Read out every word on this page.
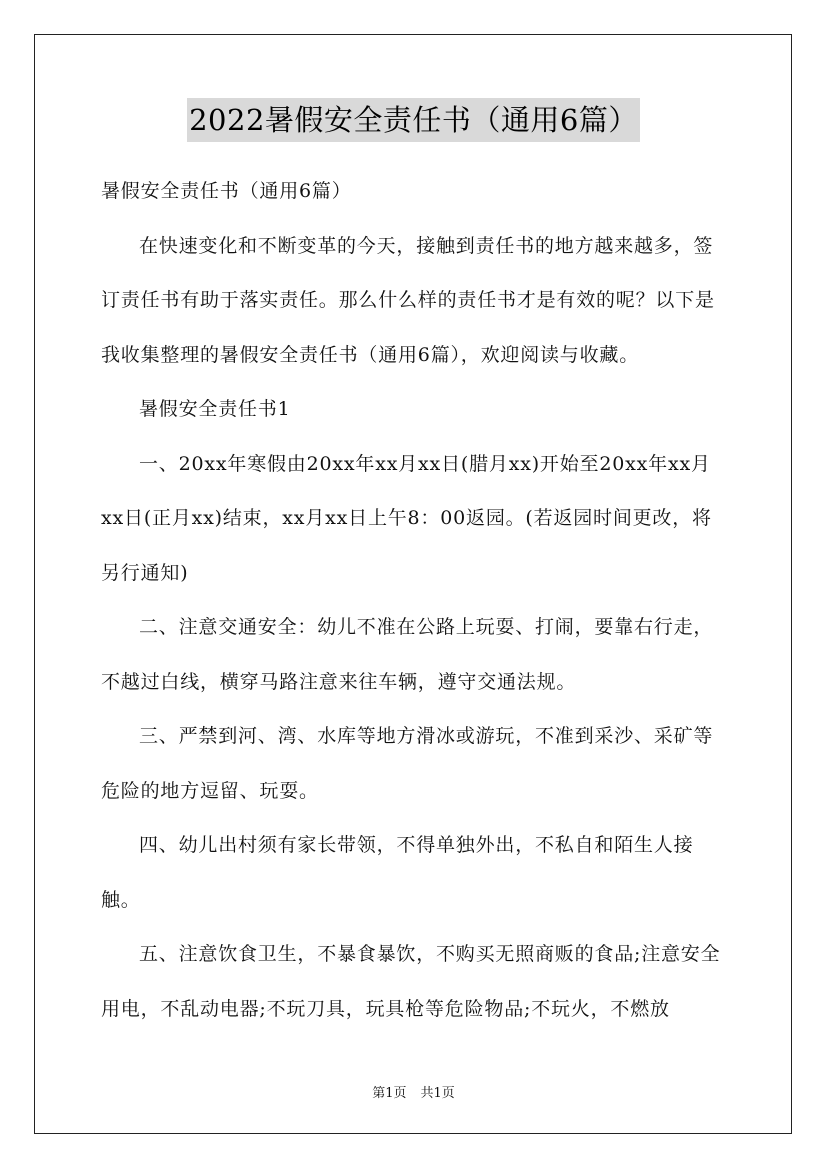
2022暑假安全责任书（通用6篇）

暑假安全责任书（通用6篇）

在快速变化和不断变革的今天，接触到责任书的地方越来越多，签订责任书有助于落实责任。那么什么样的责任书才是有效的呢？以下是我收集整理的暑假安全责任书（通用6篇），欢迎阅读与收藏。

暑假安全责任书1

一、20xx年寒假由20xx年xx月xx日(腊月xx)开始至20xx年xx月xx日(正月xx)结束，xx月xx日上午8：00返园。(若返园时间更改，将另行通知)

二、注意交通安全：幼儿不准在公路上玩耍、打闹，要靠右行走，不越过白线，横穿马路注意来往车辆，遵守交通法规。

三、严禁到河、湾、水库等地方滑冰或游玩，不准到采沙、采矿等危险的地方逗留、玩耍。

四、幼儿出村须有家长带领，不得单独外出，不私自和陌生人接触。

五、注意饮食卫生，不暴食暴饮，不购买无照商贩的食品;注意安全用电，不乱动电器;不玩刀具，玩具枪等危险物品;不玩火，不燃放

第1页 共1页
